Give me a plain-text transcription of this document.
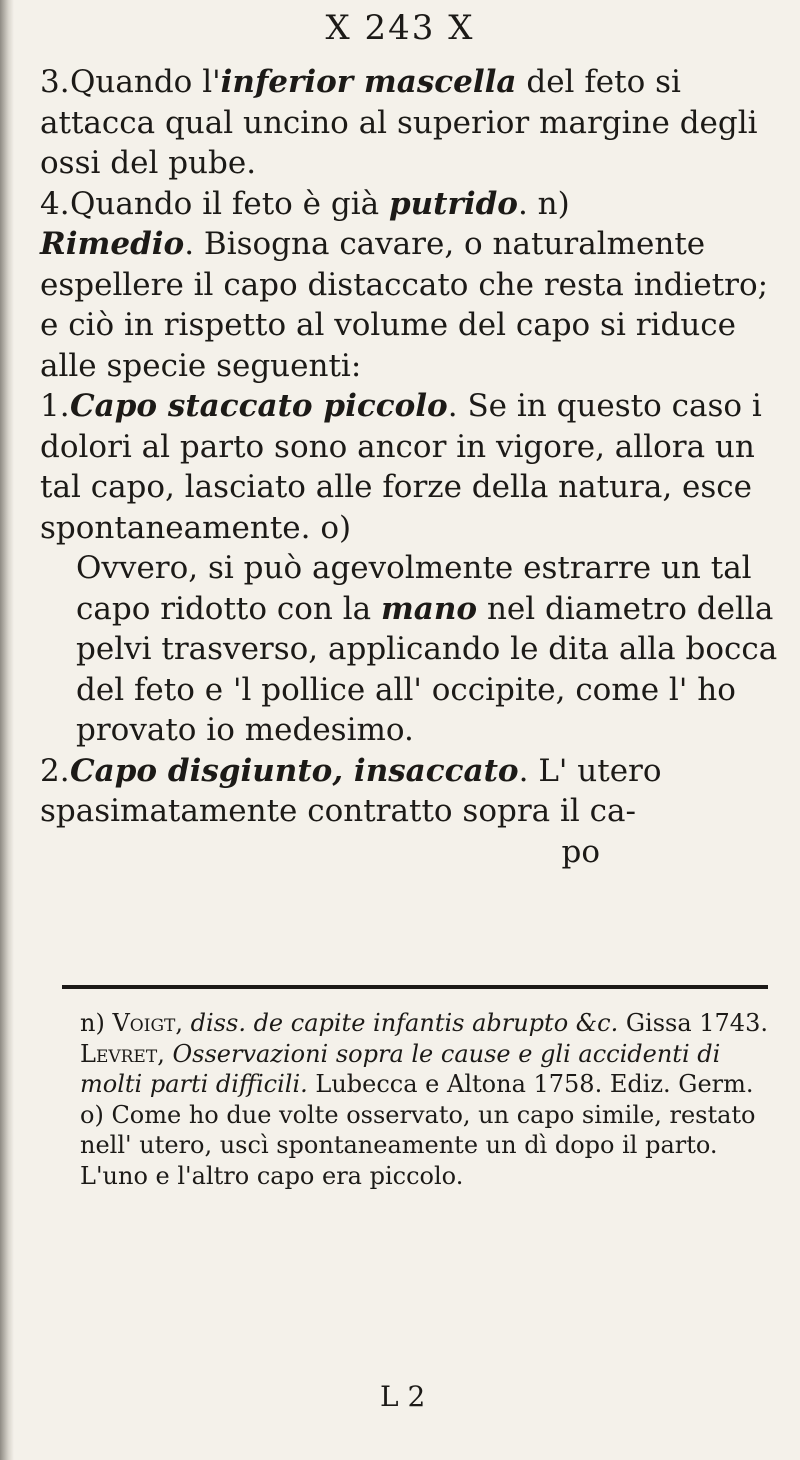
X 243 X

3.Quando l'inferior mascella del feto si attacca qual uncino al superior margine degli ossi del pube.

4.Quando il feto è già putrido. n)

Rimedio. Bisogna cavare, o naturalmente espellere il capo distaccato che resta indietro; e ciò in rispetto al volume del capo si riduce alle specie seguenti:

1.Capo staccato piccolo. Se in questo caso i dolori al parto sono ancor in vigore, allora un tal capo, lasciato alle forze della natura, esce spontaneamente. o)

Ovvero, si può agevolmente estrarre un tal capo ridotto con la mano nel diametro della pelvi trasverso, applicando le dita alla bocca del feto e 'l pollice all' occipite, come l' ho provato io medesimo.

2.Capo disgiunto, insaccato. L' utero spasimatamente contratto sopra il ca-

po

n) Voigt, diss. de capite infantis abrupto &c. Gissa 1743.

Levret, Osservazioni sopra le cause e gli accidenti di molti parti difficili. Lubecca e Altona 1758. Ediz. Germ.

o) Come ho due volte osservato, un capo simile, restato nell' utero, uscì spontaneamente un dì dopo il parto. L'uno e l'altro capo era piccolo.

L 2
